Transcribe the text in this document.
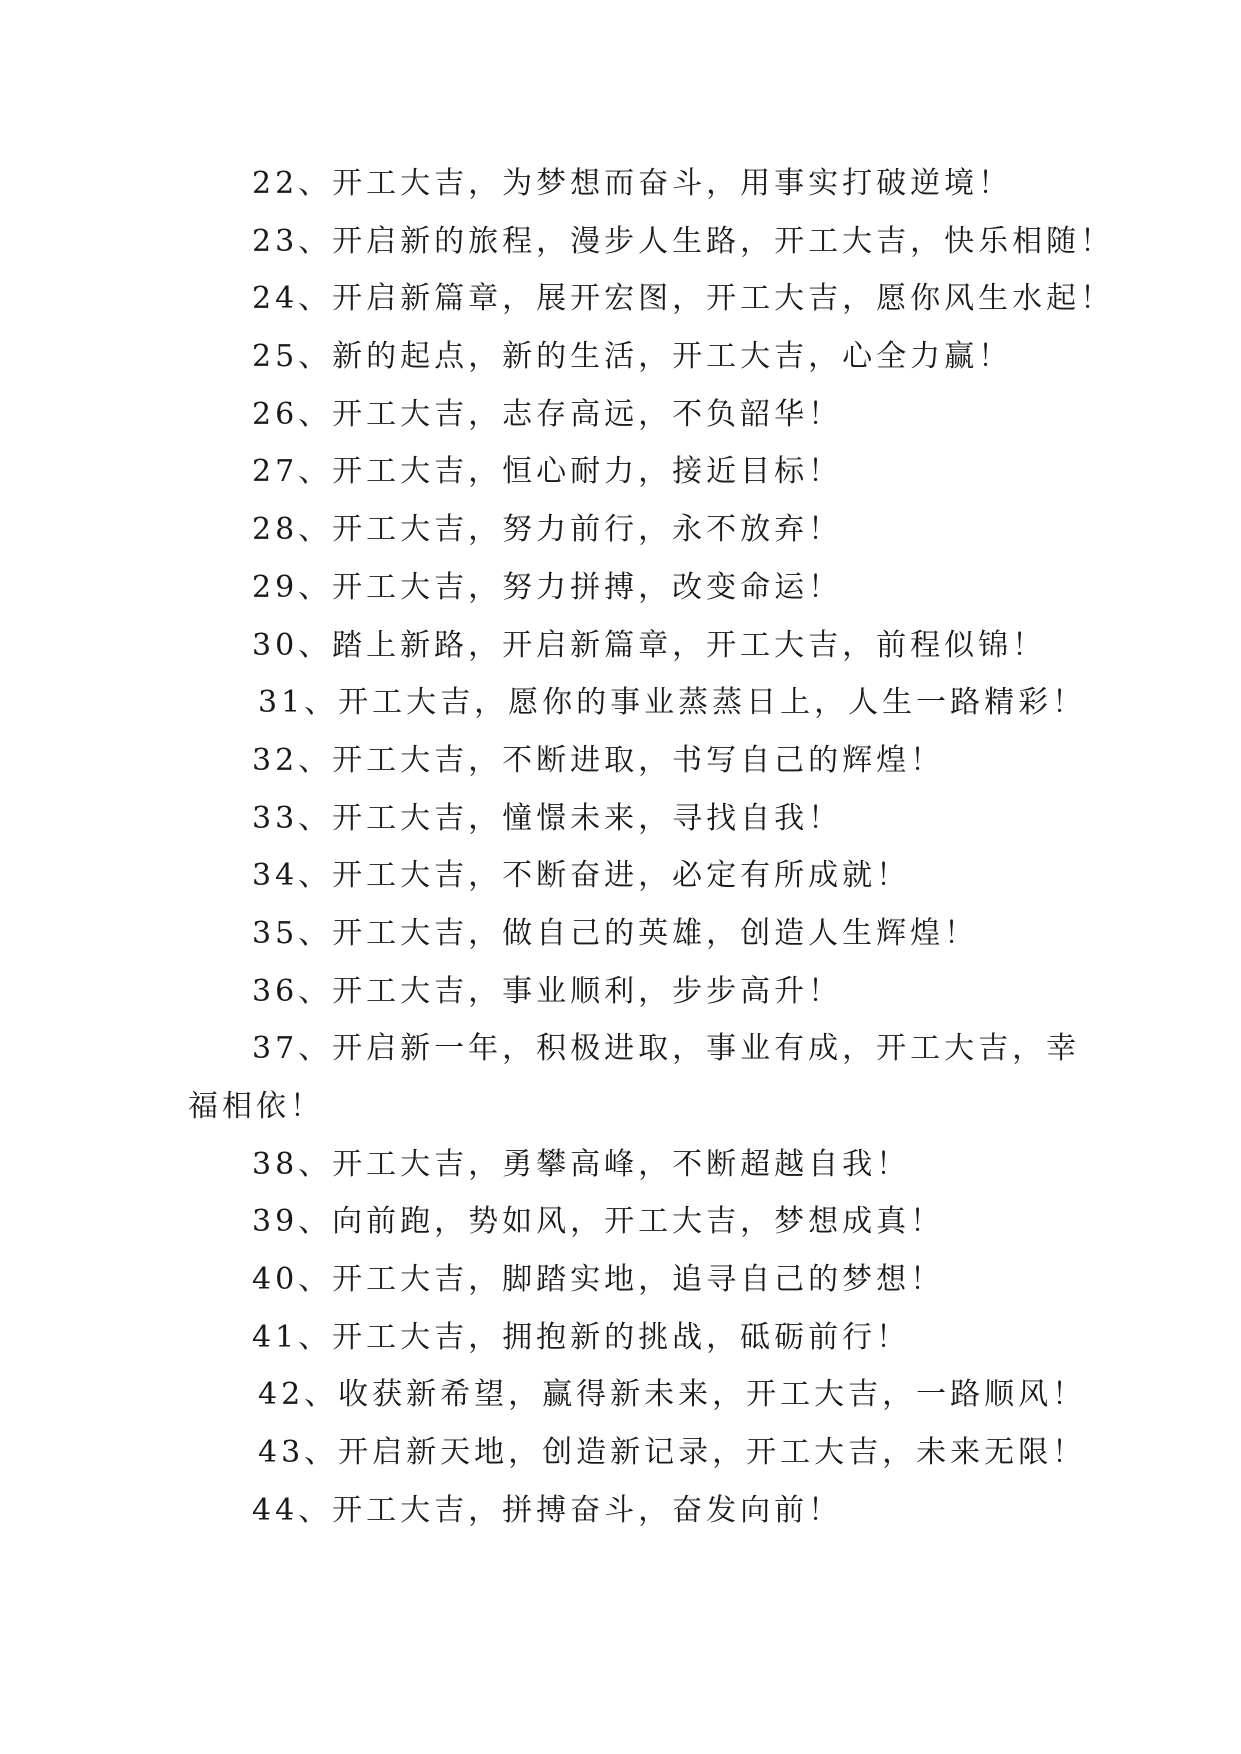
22、开工大吉，为梦想而奋斗，用事实打破逆境！
23、开启新的旅程，漫步人生路，开工大吉，快乐相随！
24、开启新篇章，展开宏图，开工大吉，愿你风生水起！
25、新的起点，新的生活，开工大吉，心全力赢！
26、开工大吉，志存高远，不负韶华！
27、开工大吉，恒心耐力，接近目标！
28、开工大吉，努力前行，永不放弃！
29、开工大吉，努力拼搏，改变命运！
30、踏上新路，开启新篇章，开工大吉，前程似锦！
31、开工大吉，愿你的事业蒸蒸日上，人生一路精彩！
32、开工大吉，不断进取，书写自己的辉煌！
33、开工大吉，憧憬未来，寻找自我！
34、开工大吉，不断奋进，必定有所成就！
35、开工大吉，做自己的英雄，创造人生辉煌！
36、开工大吉，事业顺利，步步高升！
37、开启新一年，积极进取，事业有成，开工大吉，幸
福相依！
38、开工大吉，勇攀高峰，不断超越自我！
39、向前跑，势如风，开工大吉，梦想成真！
40、开工大吉，脚踏实地，追寻自己的梦想！
41、开工大吉，拥抱新的挑战，砥砺前行！
42、收获新希望，赢得新未来，开工大吉，一路顺风！
43、开启新天地，创造新记录，开工大吉，未来无限！
44、开工大吉，拼搏奋斗，奋发向前！
